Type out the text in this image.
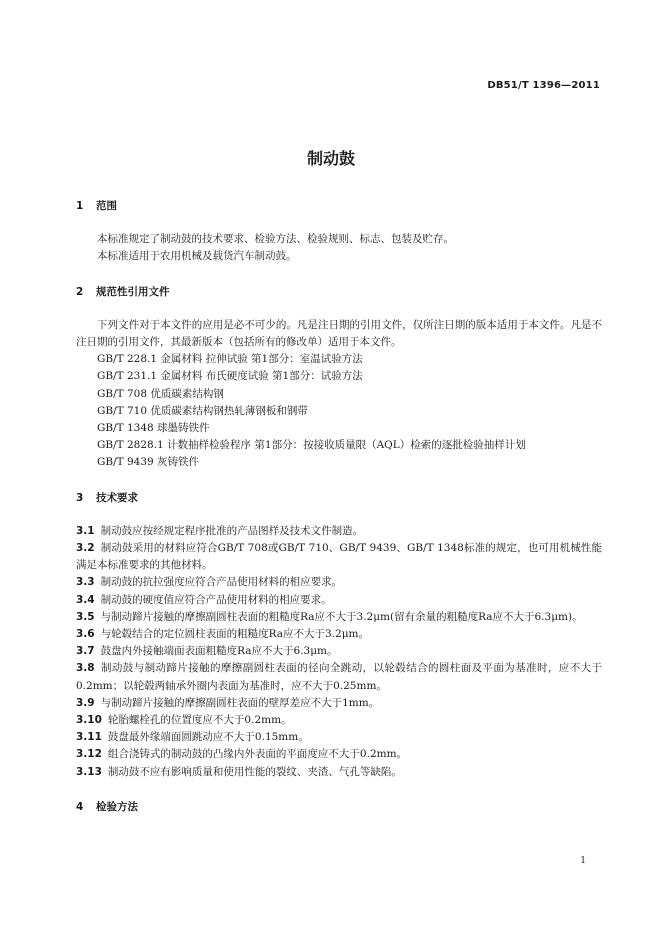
DB51/T 1396—2011
制动鼓
1 范围

本标准规定了制动鼓的技术要求、检验方法、检验规则、标志、包装及贮存。

本标准适用于农用机械及载货汽车制动鼓。

2 规范性引用文件

下列文件对于本文件的应用是必不可少的。凡是注日期的引用文件，仅所注日期的版本适用于本文件。凡是不注日期的引用文件，其最新版本（包括所有的修改单）适用于本文件。

GB/T 228.1 金属材料 拉伸试验 第1部分：室温试验方法

GB/T 231.1 金属材料 布氏硬度试验 第1部分：试验方法

GB/T 708 优质碳素结构钢

GB/T 710 优质碳素结构钢热轧薄钢板和钢带

GB/T 1348 球墨铸铁件

GB/T 2828.1 计数抽样检验程序 第1部分：按接收质量限（AQL）检索的逐批检验抽样计划

GB/T 9439 灰铸铁件

3 技术要求

3.1 制动鼓应按经规定程序批准的产品图样及技术文件制造。

3.2 制动鼓采用的材料应符合GB/T 708或GB/T 710、GB/T 9439、GB/T 1348标准的规定，也可用机械性能满足本标准要求的其他材料。

3.3 制动鼓的抗拉强度应符合产品使用材料的相应要求。

3.4 制动鼓的硬度值应符合产品使用材料的相应要求。

3.5 与制动蹄片接触的摩擦副圆柱表面的粗糙度Ra应不大于3.2μm(留有余量的粗糙度Ra应不大于6.3μm)。

3.6 与轮毂结合的定位圆柱表面的粗糙度Ra应不大于3.2μm。

3.7 鼓盘内外接触端面表面粗糙度Ra应不大于6.3μm。

3.8 制动鼓与制动蹄片接触的摩擦副圆柱表面的径向全跳动，以轮毂结合的圆柱面及平面为基准时，应不大于0.2mm；以轮毂两轴承外圈内表面为基准时，应不大于0.25mm。

3.9 与制动蹄片接触的摩擦副圆柱表面的壁厚差应不大于1mm。

3.10 轮胎螺栓孔的位置度应不大于0.2mm。

3.11 鼓盘最外缘端面圆跳动应不大于0.15mm。

3.12 组合浇铸式的制动鼓的凸缘内外表面的平面度应不大于0.2mm。

3.13 制动鼓不应有影响质量和使用性能的裂纹、夹渣、气孔等缺陷。

4 检验方法
1
